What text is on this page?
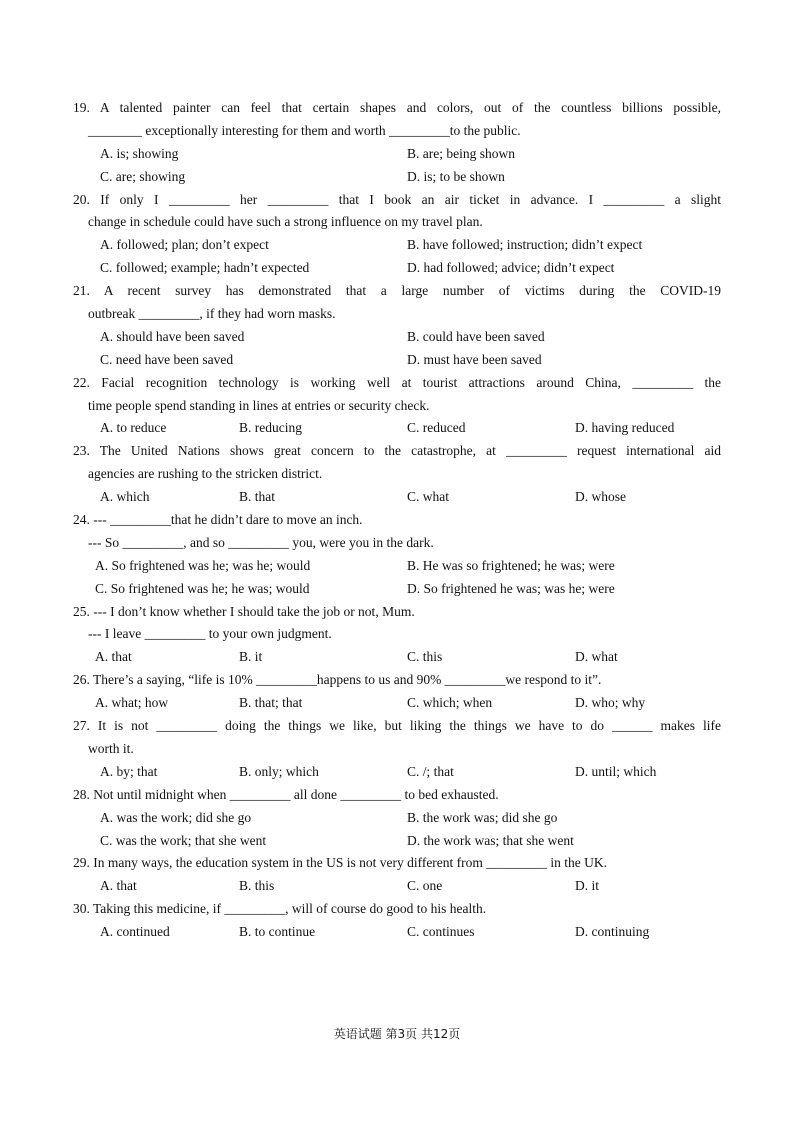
19. A talented painter can feel that certain shapes and colors, out of the countless billions possible,
________ exceptionally interesting for them and worth _________to the public.
A. is; showing	B. are; being shown
C. are; showing	D. is; to be shown
20. If only I _________ her _________ that I book an air ticket in advance. I _________ a slight
change in schedule could have such a strong influence on my travel plan.
A. followed; plan; don’t expect	B. have followed; instruction; didn’t expect
C. followed; example; hadn’t expected	D. had followed; advice; didn’t expect
21. A recent survey has demonstrated that a large number of victims during the COVID-19
outbreak _________, if they had worn masks.
A. should have been saved	B. could have been saved
C. need have been saved	D. must have been saved
22. Facial recognition technology is working well at tourist attractions around China, _________ the
time people spend standing in lines at entries or security check.
A. to reduce	B. reducing	C. reduced	D. having reduced
23. The United Nations shows great concern to the catastrophe, at _________ request international aid
agencies are rushing to the stricken district.
A. which	B. that	C. what	D. whose
24. --- _________that he didn’t dare to move an inch.
--- So _________, and so _________ you, were you in the dark.
A. So frightened was he; was he; would	B. He was so frightened; he was; were
C. So frightened was he; he was; would	D. So frightened he was; was he; were
25. --- I don’t know whether I should take the job or not, Mum.
--- I leave _________ to your own judgment.
A. that	B. it	C. this	D. what
26. There’s a saying, “life is 10% _________happens to us and 90% _________we respond to it”.
A. what; how	B. that; that	C. which; when	D. who; why
27. It is not _________ doing the things we like, but liking the things we have to do ______ makes life
worth it.
A. by; that	B. only; which	C. /; that	D. until; which
28. Not until midnight when _________ all done _________ to bed exhausted.
A. was the work; did she go	B. the work was; did she go
C. was the work; that she went	D. the work was; that she went
29. In many ways, the education system in the US is not very different from _________ in the UK.
A. that	B. this	C. one	D. it
30. Taking this medicine, if _________, will of course do good to his health.
A. continued	B. to continue	C. continues	D. continuing
英语试题 第3页 共12页
